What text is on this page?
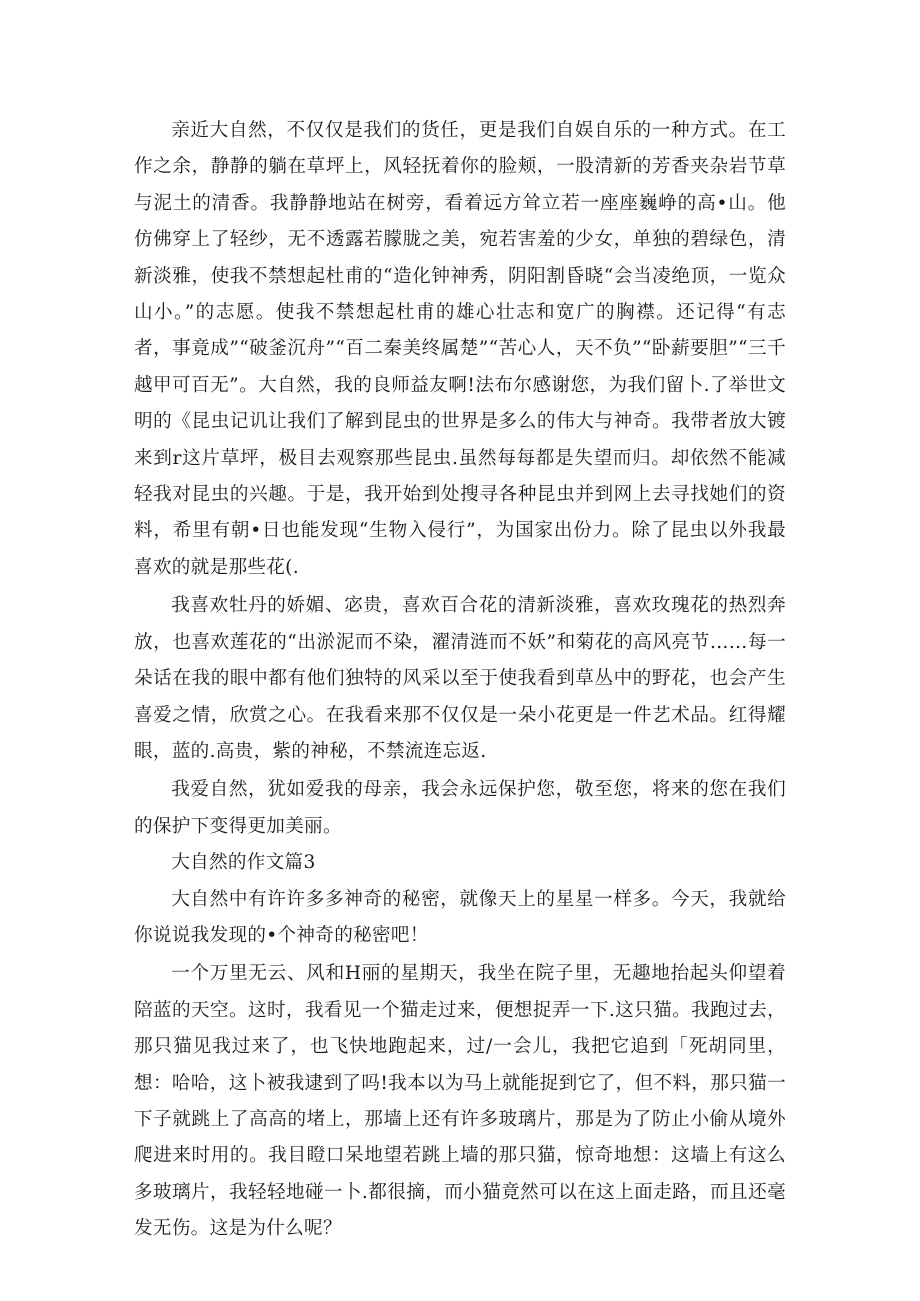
亲近大自然，不仅仅是我们的货任，更是我们自娱自乐的一种方式。在工作之余，静静的躺在草坪上，风轻抚着你的脸颊，一股清新的芳香夹杂岩节草与泥土的清香。我静静地站在树旁，看着远方耸立若一座座巍峥的高•山。他仿佛穿上了轻纱，无不透露若朦胧之美，宛若害羞的少女，单独的碧绿色，清新淡雅，使我不禁想起杜甫的“造化钟神秀，阴阳割昏晓“会当凌绝顶，一览众山小。”的志愿。使我不禁想起杜甫的雄心壮志和宽广的胸襟。还记得“有志者，事竟成”“破釜沉舟”“百二秦美终属楚”“苦心人，天不负”“卧薪要胆”“三千越甲可百无”。大自然，我的良师益友啊!法布尔感谢您，为我们留卜.了举世文明的《昆虫记讥让我们了解到昆虫的世界是多么的伟大与神奇。我带者放大镀来到r这片草坪，极目去观察那些昆虫.虽然每每都是失望而归。却依然不能减轻我对昆虫的兴趣。于是，我开始到处搜寻各种昆虫并到网上去寻找她们的资料，希里有朝•日也能发现“生物入侵行”，为国家出份力。除了昆虫以外我最喜欢的就是那些花(.

我喜欢牡丹的娇媚、宓贵，喜欢百合花的清新淡雅，喜欢玫瑰花的热烈奔放，也喜欢莲花的“出淤泥而不染，濯清涟而不妖”和菊花的高风亮节……每一朵话在我的眼中都有他们独特的风采以至于使我看到草丛中的野花，也会产生喜爱之情，欣赏之心。在我看来那不仅仅是一朵小花更是一件艺术品。红得耀眼，蓝的.高贵，紫的神秘，不禁流连忘返.

我爱自然，犹如爱我的母亲，我会永远保护您，敬至您，将来的您在我们的保护下变得更加美丽。

大自然的作文篇3

大自然中有许许多多神奇的秘密，就像天上的星星一样多。今天，我就给你说说我发现的•个神奇的秘密吧！

一个万里无云、风和H丽的星期天，我坐在院子里，无趣地抬起头仰望着陪蓝的天空。这时，我看见一个猫走过来，便想捉弄一下.这只猫。我跑过去，那只猫见我过来了，也飞快地跑起来，过/一会儿，我把它追到「死胡同里，想：哈哈，这卜被我逮到了吗!我本以为马上就能捉到它了，但不料，那只猫一下子就跳上了高高的堵上，那墙上还有许多玻璃片，那是为了防止小偷从境外爬进来时用的。我目瞪口呆地望若跳上墙的那只猫，惊奇地想：这墙上有这么多玻璃片，我轻轻地碰一卜.都很摘，而小猫竟然可以在这上面走路，而且还毫发无伤。这是为什么呢？
